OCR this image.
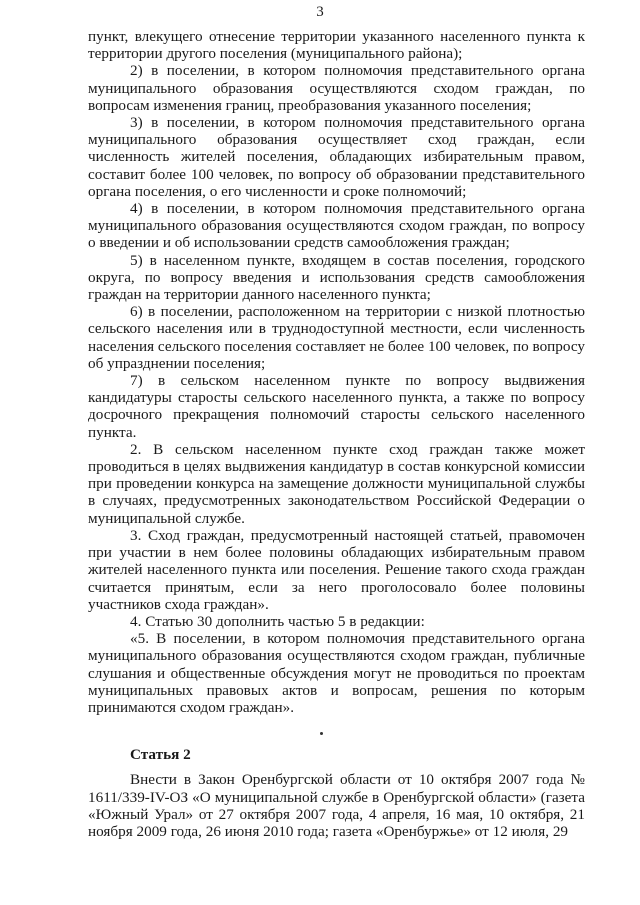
3

пункт, влекущего отнесение территории указанного населенного пункта к территории другого поселения (муниципального района);

2) в поселении, в котором полномочия представительного органа муниципального образования осуществляются сходом граждан, по вопросам изменения границ, преобразования указанного поселения;

3) в поселении, в котором полномочия представительного органа муниципального образования осуществляет сход граждан, если численность жителей поселения, обладающих избирательным правом, составит более 100 человек, по вопросу об образовании представительного органа поселения, о его численности и сроке полномочий;

4) в поселении, в котором полномочия представительного органа муниципального образования осуществляются сходом граждан, по вопросу о введении и об использовании средств самообложения граждан;

5) в населенном пункте, входящем в состав поселения, городского округа, по вопросу введения и использования средств самообложения граждан на территории данного населенного пункта;

6) в поселении, расположенном на территории с низкой плотностью сельского населения или в труднодоступной местности, если численность населения сельского поселения составляет не более 100 человек, по вопросу об упразднении поселения;

7) в сельском населенном пункте по вопросу выдвижения кандидатуры старосты сельского населенного пункта, а также по вопросу досрочного прекращения полномочий старосты сельского населенного пункта.

2. В сельском населенном пункте сход граждан также может проводиться в целях выдвижения кандидатур в состав конкурсной комиссии при проведении конкурса на замещение должности муниципальной службы в случаях, предусмотренных законодательством Российской Федерации о муниципальной службе.

3. Сход граждан, предусмотренный настоящей статьей, правомочен при участии в нем более половины обладающих избирательным правом жителей населенного пункта или поселения. Решение такого схода граждан считается принятым, если за него проголосовало более половины участников схода граждан».

4. Статью 30 дополнить частью 5 в редакции:

«5. В поселении, в котором полномочия представительного органа муниципального образования осуществляются сходом граждан, публичные слушания и общественные обсуждения могут не проводиться по проектам муниципальных правовых актов и вопросам, решения по которым принимаются сходом граждан».

Статья 2

Внести в Закон Оренбургской области от 10 октября 2007 года № 1611/339-IV-ОЗ «О муниципальной службе в Оренбургской области» (газета «Южный Урал» от 27 октября 2007 года, 4 апреля, 16 мая, 10 октября, 21 ноября 2009 года, 26 июня 2010 года; газета «Оренбуржье» от 12 июля, 29
